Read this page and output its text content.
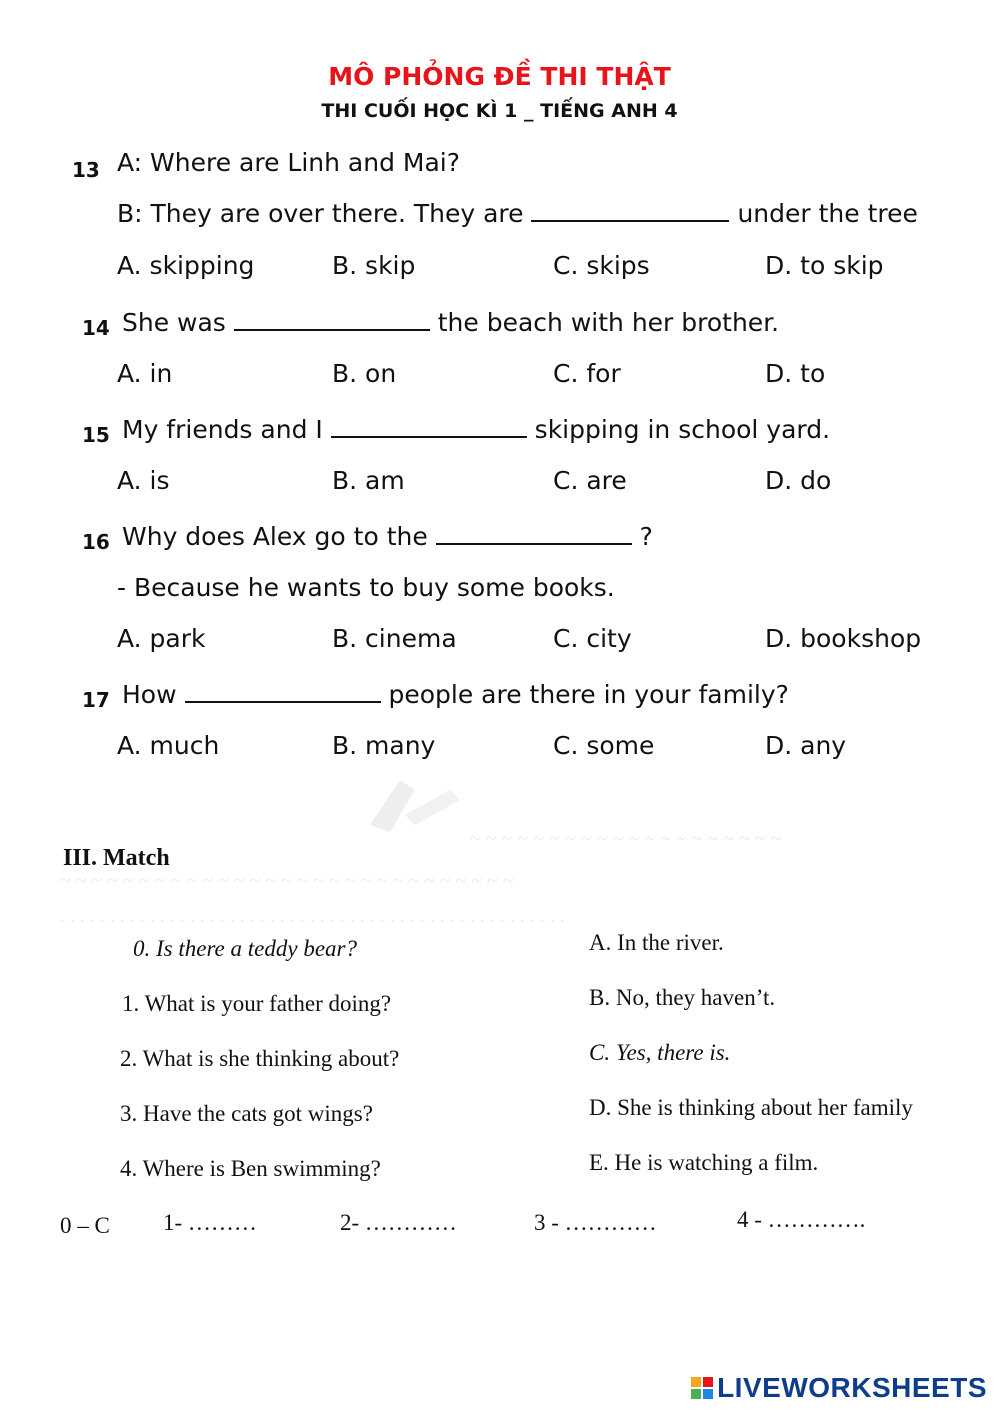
MÔ PHỎNG ĐỀ THI THẬT
THI CUỐI HỌC KÌ 1 _ TIẾNG ANH 4
13 A: Where are Linh and Mai?
B: They are over there. They are	under the tree
A. skipping	B. skip	C. skips	D. to skip
14 She was	the beach with her brother.
A. in	B. on	C. for	D. to
15 My friends and I	skipping in school yard.
A. is	B. am	C. are	D. do
16 Why does Alex go to the	?
- Because he wants to buy some books.
A. park	B. cinema	C. city	D. bookshop
17 How	people are there in your family?
A. much	B. many	C. some	D. any
~ ~ ~ ~ ~ ~ ~ ~ ~ ~ ~ ~ ~ ~ ~ ~ ~ ~ ~ ~
~ ~ ~ ~ ~ ~ ~ ~ ~ ~ ~ ~ ~ ~ ~ ~ ~ ~ ~ ~ ~ ~ ~ ~ ~ ~ ~ ~ ~
. . . . . . . . . . . . . . . . . . . . . . . . . . . . . . . . . . . . . . . . . . . . . . . . . . .
III. Match
0. Is there a teddy bear?
1. What is your father doing?
2. What is she thinking about?
3. Have the cats got wings?
4. Where is Ben swimming?
A. In the river.
B. No, they haven’t.
C. Yes, there is.
D. She is thinking about her family
E. He is watching a film.
0 – C 1- ………	2- …………	3 - …………	4 - ………….
LIVEWORKSHEETS
